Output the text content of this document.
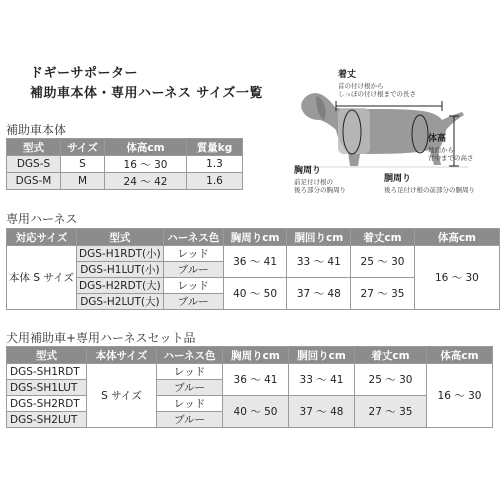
ドギーサポーター
補助車本体・専用ハーネス サイズ一覧
着丈
首の付け根から
しっぽの付け根までの長さ
体高
地面から
背中までの高さ
胸周り
前足付け根の
後ろ部分の胸周り
胴周り
後ろ足付け根の前部分の胴周り
補助車本体
型式	サイズ	体高cm	質量kg
DGS-S	S	16 〜 30	1.3
DGS-M	M	24 〜 42	1.6
専用ハーネス
対応サイズ	型式	ハーネス色	胸周りcm	胴回りcm	着丈cm	体高cm
本体 S サイズ	DGS-H1RDT(小)	レッド	36 〜 41	33 〜 41	25 〜 30	16 〜 30
	DGS-H1LUT(小)	ブルー				
	DGS-H2RDT(大)	レッド	40 〜 50	37 〜 48	27 〜 35	
	DGS-H2LUT(大)	ブルー				
犬用補助車+専用ハーネスセット品
型式	本体サイズ	ハーネス色	胸周りcm	胴回りcm	着丈cm	体高cm
DGS-SH1RDT	S サイズ	レッド	36 〜 41	33 〜 41	25 〜 30	16 〜 30
DGS-SH1LUT		ブルー				
DGS-SH2RDT		レッド	40 〜 50	37 〜 48	27 〜 35	
DGS-SH2LUT		ブルー				
